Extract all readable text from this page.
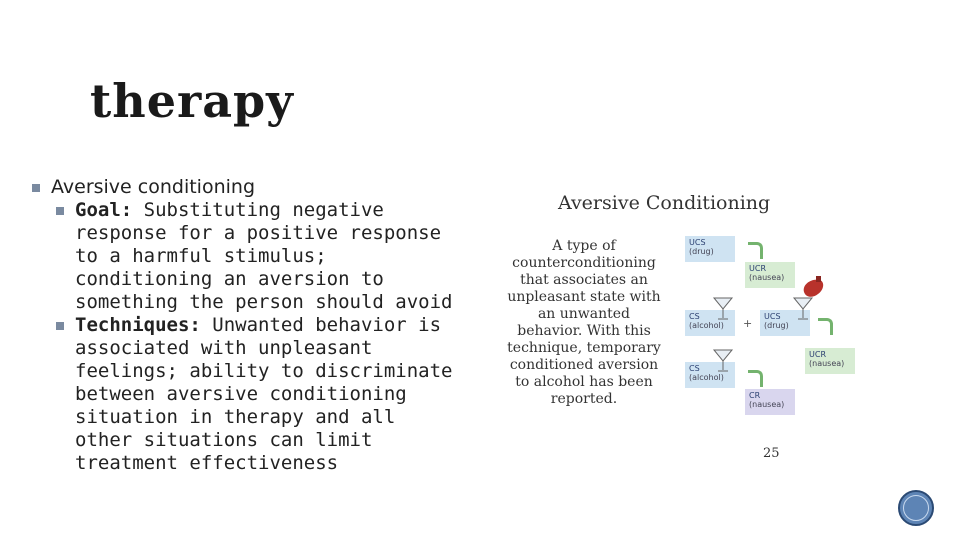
therapy
Aversive conditioning
Goal: Substituting negative response for a positive response to a harmful stimulus; conditioning an aversion to something the person should avoid
Techniques: Unwanted behavior is associated with unpleasant feelings; ability to discriminate between aversive conditioning situation in therapy and all other situations can limit treatment effectiveness
Aversive Conditioning
A type of counterconditioning that associates an unpleasant state with an unwanted behavior. With this technique, temporary conditioned aversion to alcohol has been reported.
UCS
(drug)
UCR
(nausea)
CS
(alcohol)	+
UCS
(drug)
UCR
(nausea)
CS
(alcohol)
CR
(nausea)
25
